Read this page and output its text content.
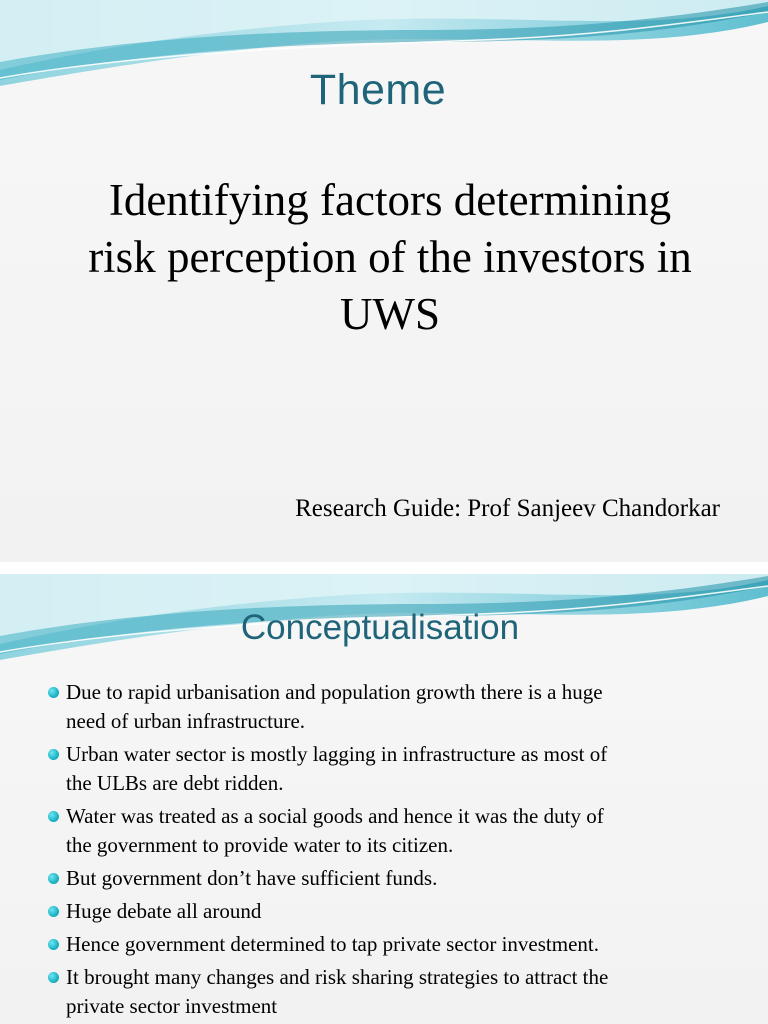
Theme
Identifying factors determining
risk perception of the investors in
UWS
Research Guide: Prof Sanjeev Chandorkar
Conceptualisation
Due to rapid urbanisation and population growth there is a huge
need of urban infrastructure.
Urban water sector is mostly lagging in infrastructure as most of
the ULBs are debt ridden.
Water was treated as a social goods and hence it was the duty of
the government to provide water to its citizen.
But government don’t have sufficient funds.
Huge debate all around
Hence government determined to tap private sector investment.
It brought many changes and risk sharing strategies to attract the
private sector investment
